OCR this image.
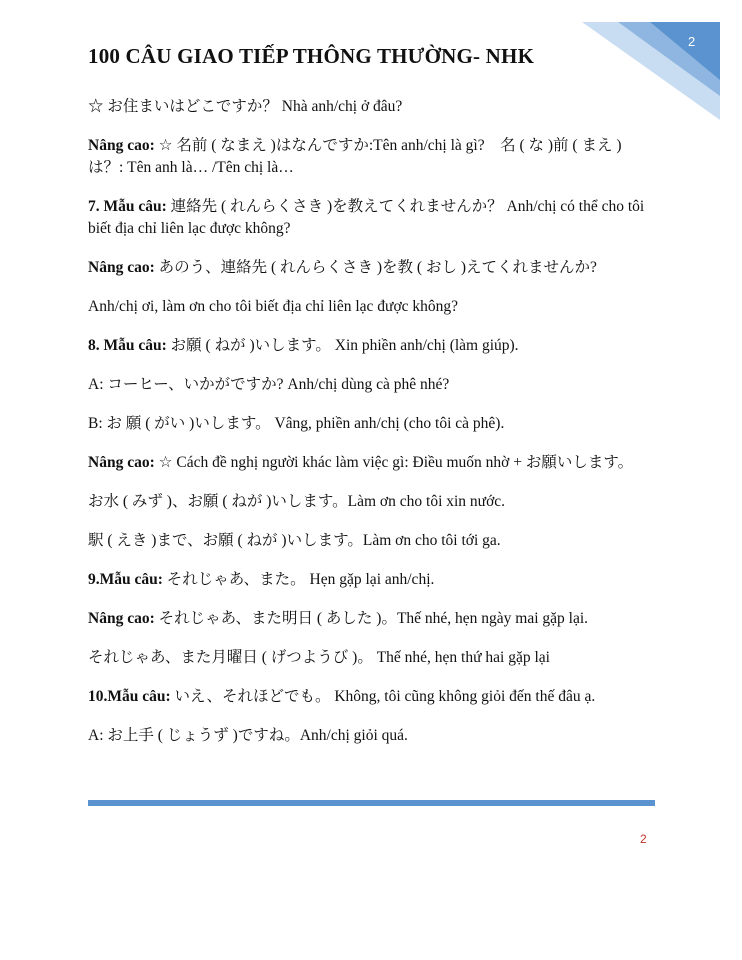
2
100 CÂU GIAO TIẾP THÔNG THƯỜNG- NHK

☆ お住まいはどこですか？ Nhà anh/chị ở đâu?

Nâng cao: ☆ 名前 ( なまえ )はなんですか:Tên anh/chị là gì?　名 ( な )前 ( まえ )は？: Tên anh là… /Tên chị là…

7. Mẫu câu: 連絡先 ( れんらくさき )を教えてくれませんか？ Anh/chị có thể cho tôi biết địa chỉ liên lạc được không?

Nâng cao: あのう、連絡先 ( れんらくさき )を教 ( おし )えてくれませんか?

Anh/chị ơi, làm ơn cho tôi biết địa chỉ liên lạc được không?

8. Mẫu câu: お願 ( ねが )いします。 Xin phiền anh/chị (làm giúp).

A: コーヒー、いかがですか? Anh/chị dùng cà phê nhé?

B: お 願 ( がい )いします。 Vâng, phiền anh/chị (cho tôi cà phê).

Nâng cao: ☆ Cách đề nghị người khác làm việc gì: Điều muốn nhờ + お願いします。

お水 ( みず )、お願 ( ねが )いします。Làm ơn cho tôi xin nước.

駅 ( えき )まで、お願 ( ねが )いします。Làm ơn cho tôi tới ga.

9.Mẫu câu: それじゃあ、また。 Hẹn gặp lại anh/chị.

Nâng cao: それじゃあ、また明日 ( あした )。Thế nhé, hẹn ngày mai gặp lại.

それじゃあ、また月曜日 ( げつようび )。 Thế nhé, hẹn thứ hai gặp lại

10.Mẫu câu: いえ、それほどでも。 Không, tôi cũng không giỏi đến thế đâu ạ.

A: お上手 ( じょうず )ですね。Anh/chị giỏi quá.

2
